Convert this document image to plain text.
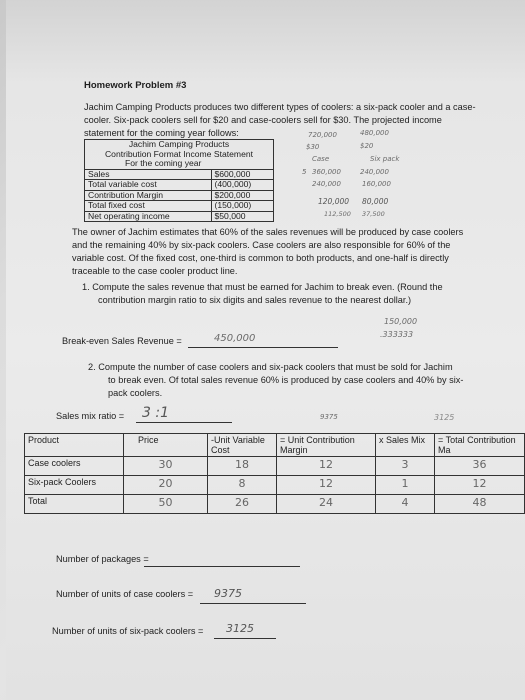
Homework Problem #3
Jachim Camping Products produces two different types of coolers: a six-pack cooler and a case-
cooler. Six-pack coolers sell for $20 and case-coolers sell for $30. The projected income
statement for the coming year follows:
Jachim Camping Products	
Contribution Format Income Statement	
For the coming year	
Sales	$600,000
Total variable cost	(400,000)
Contribution Margin	$200,000
Total fixed cost	(150,000)
Net operating income	$50,000
720,000	480,000
$30	$20
Case	Six pack
5 360,000	240,000
240,000	160,000
120,000 80,000
112,500 37,500
The owner of Jachim estimates that 60% of the sales revenues will be produced by case coolers
and the remaining 40% by six-pack coolers. Case coolers are also responsible for 60% of the
variable cost. Of the fixed cost, one-third is common to both products, and one-half is directly
traceable to the case cooler product line.
1. Compute the sales revenue that must be earned for Jachim to break even. (Round the
contribution margin ratio to six digits and sales revenue to the nearest dollar.)
150,000
.333333
Break-even Sales Revenue =	450,000
2. Compute the number of case coolers and six-pack coolers that must be sold for Jachim
to break even. Of total sales revenue 60% is produced by case coolers and 40% by six-
pack coolers.
9375	3125
Sales mix ratio = 3 :1
Product	Price	-Unit Variable Cost	= Unit Contribution Margin	x Sales Mix	= Total Contribution Ma
Case coolers	30	18	12	3	36
Six-pack Coolers	20	8	12	1	12
Total	50	26	24	4	48
Number of packages =
Number of units of case coolers = 9375
Number of units of six-pack coolers = 3125
